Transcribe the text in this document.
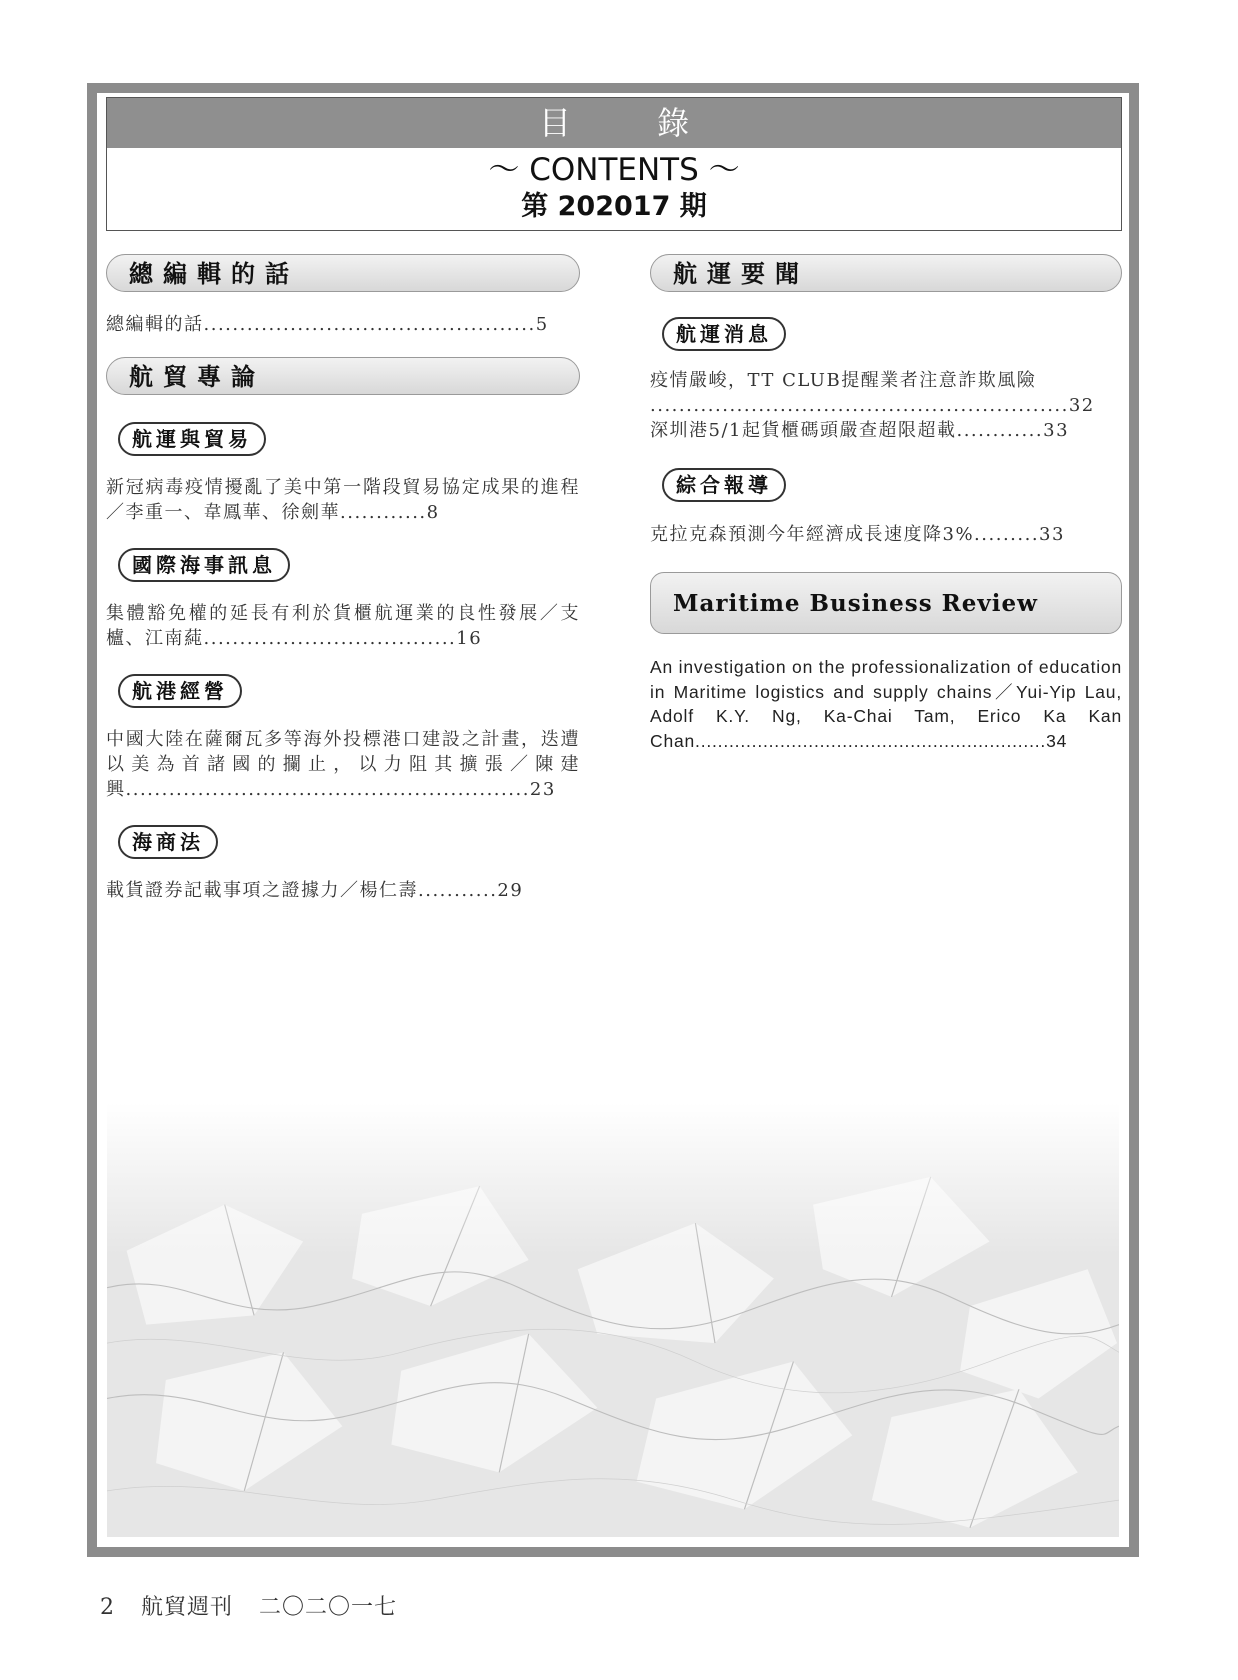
目 錄
～ CONTENTS ～
第 202017 期
總編輯的話
總編輯的話..............................................5
航貿專論
航運與貿易
新冠病毒疫情擾亂了美中第一階段貿易協定成果的進程／李重一、韋鳳華、徐劍華............8
國際海事訊息
集體豁免權的延長有利於貨櫃航運業的良性發展／支櫨、江南蒓...................................16
航港經營
中國大陸在薩爾瓦多等海外投標港口建設之計畫，迭遭以美為首諸國的攔止，以力阻其擴張／陳建興........................................................23
海商法
載貨證券記載事項之證據力／楊仁壽...........29
航運要聞
航運消息
疫情嚴峻，TT CLUB提醒業者注意詐欺風險
..........................................................32
深圳港5/1起貨櫃碼頭嚴查超限超載............33
綜合報導
克拉克森預測今年經濟成長速度降3%.........33
Maritime Business Review
An investigation on the professionalization of education in Maritime logistics and supply chains／Yui-Yip Lau, Adolf K.Y. Ng, Ka-Chai Tam, Erico Ka Kan Chan..............................................................34
2 航貿週刊 二〇二〇一七
